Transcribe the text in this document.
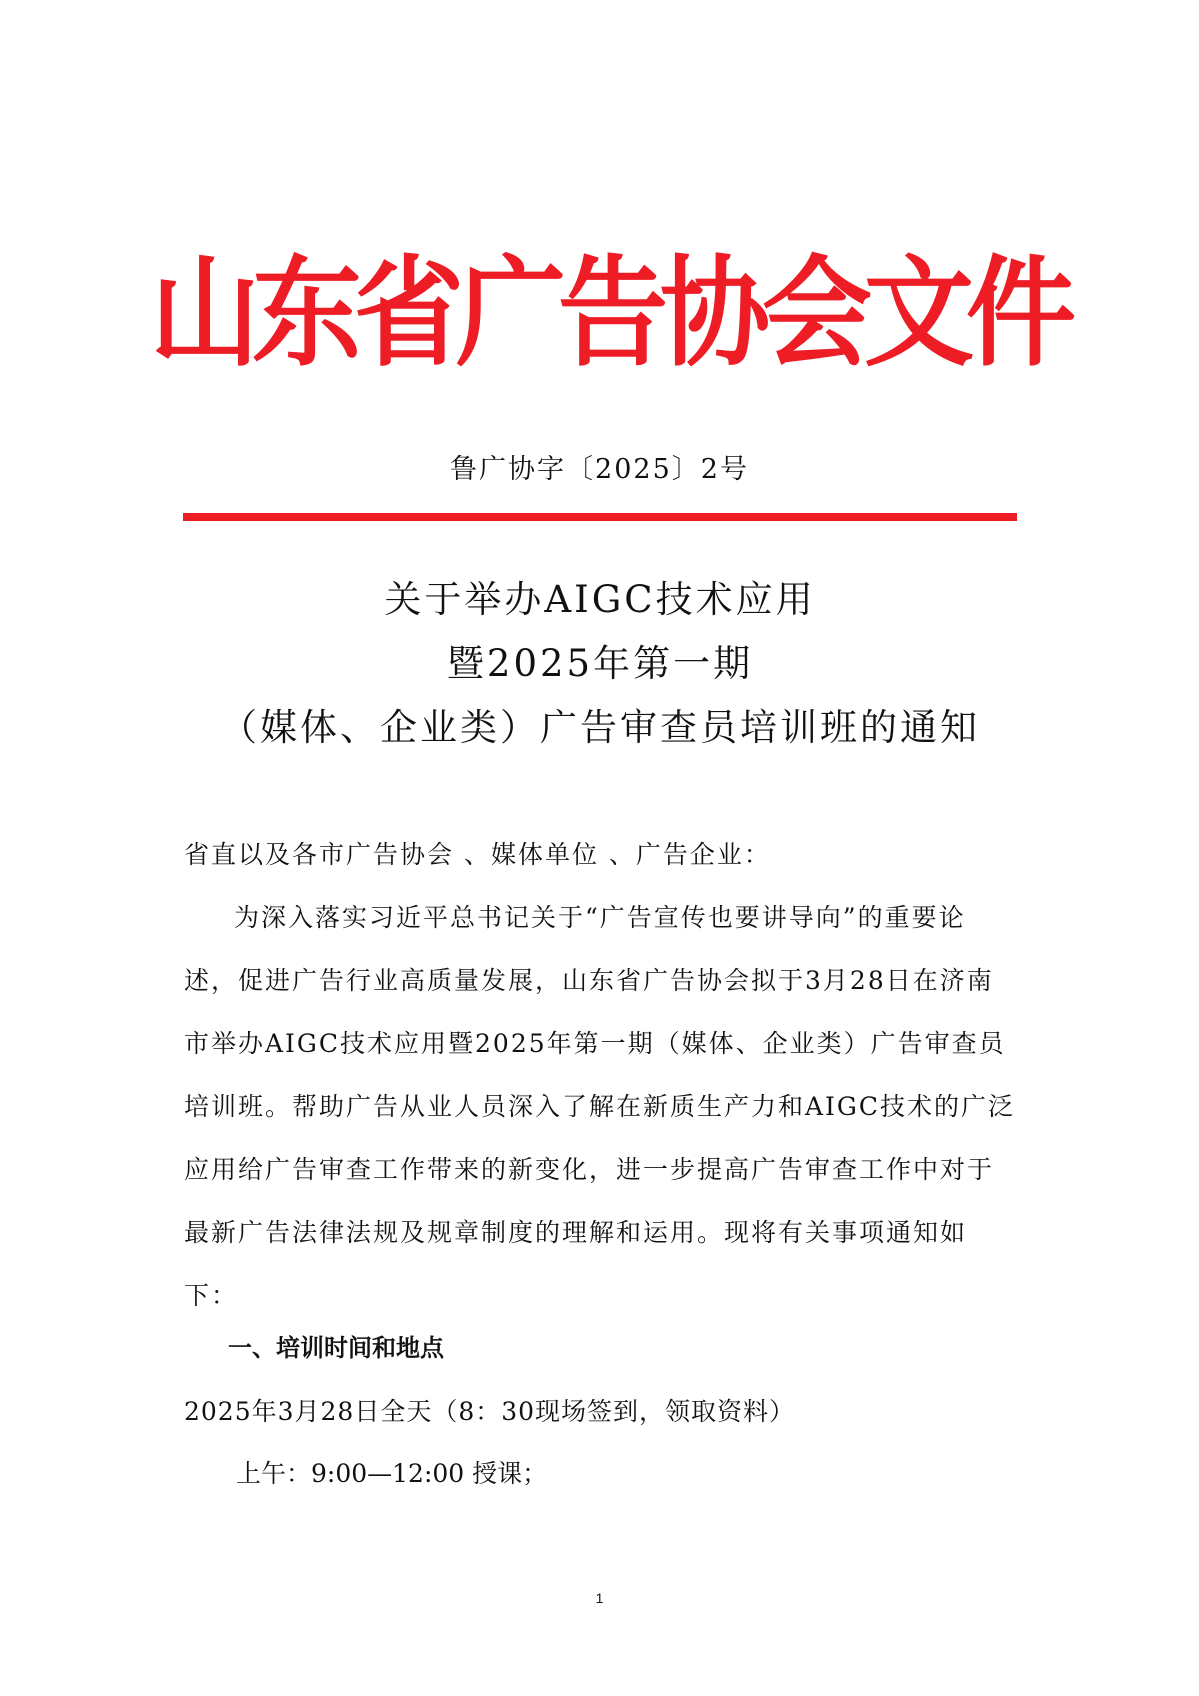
山东省广告协会文件
鲁广协字〔2025〕2号
关于举办AIGC技术应用
暨2025年第一期
（媒体、企业类）广告审查员培训班的通知

省直以及各市广告协会 、媒体单位 、广告企业：

为深入落实习近平总书记关于“广告宣传也要讲导向”的重要论述，促进广告行业高质量发展，山东省广告协会拟于3月28日在济南市举办AIGC技术应用暨2025年第一期（媒体、企业类）广告审查员培训班。帮助广告从业人员深入了解在新质生产力和AIGC技术的广泛应用给广告审查工作带来的新变化，进一步提高广告审查工作中对于最新广告法律法规及规章制度的理解和运用。现将有关事项通知如下：

一、培训时间和地点
2025年3月28日全天（8：30现场签到，领取资料）
上午：9:00—12:00 授课；
1
